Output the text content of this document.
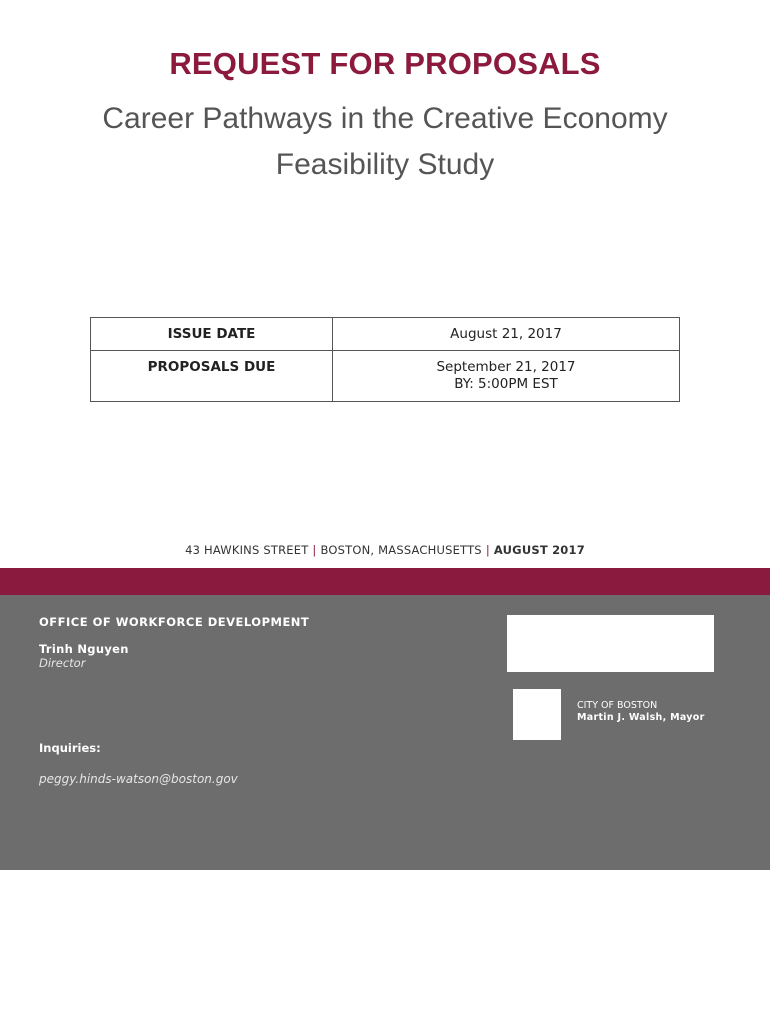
REQUEST FOR PROPOSALS
Career Pathways in the Creative Economy
Feasibility Study
ISSUE DATE	August 21, 2017
PROPOSALS DUE	September 21, 2017
BY: 5:00PM EST
43 HAWKINS STREET | BOSTON, MASSACHUSETTS | AUGUST 2017
OFFICE OF WORKFORCE DEVELOPMENT
Trinh Nguyen
Director
Inquiries:
peggy.hinds-watson@boston.gov
CITY OF BOSTON
Martin J. Walsh, Mayor
